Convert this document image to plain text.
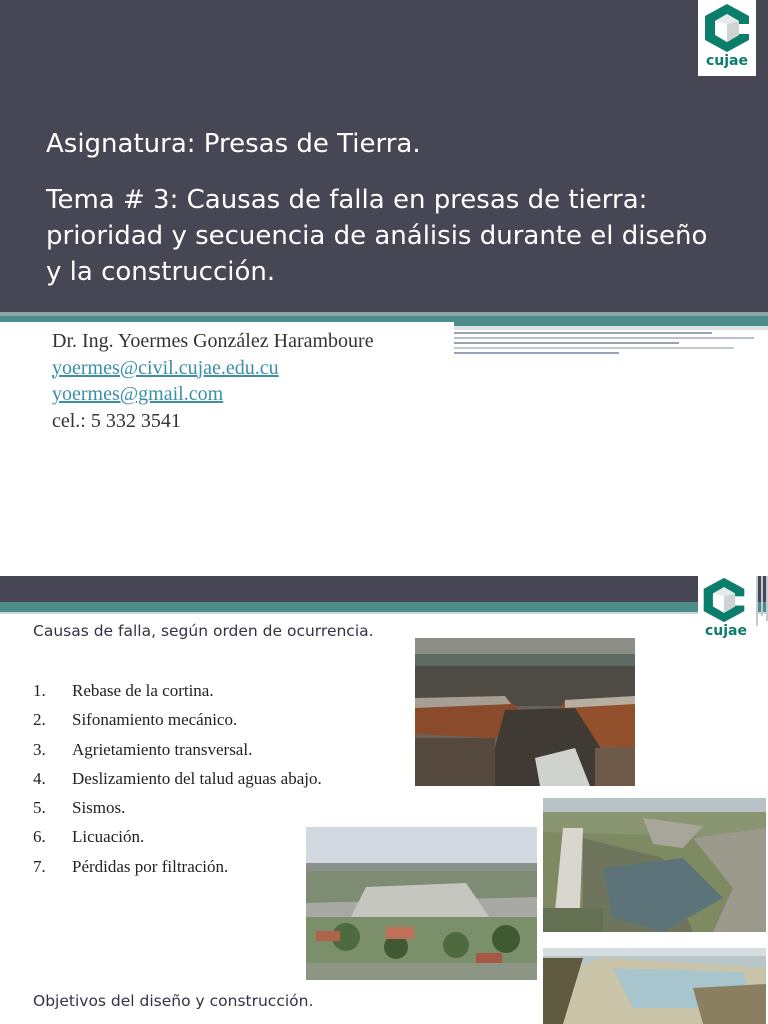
cujae

Asignatura: Presas de Tierra.

Tema # 3: Causas de falla en presas de tierra:

prioridad y secuencia de análisis durante el diseño

y la construcción.

Dr. Ing. Yoermes González Haramboure
yoermes@civil.cujae.edu.cu
yoermes@gmail.com
cel.: 5 332 3541
cujae
Causas de falla, según orden de ocurrencia.
1.	Rebase de la cortina.
2.	Sifonamiento mecánico.
3.	Agrietamiento transversal.
4.	Deslizamiento del talud aguas abajo.
5.	Sismos.
6.	Licuación.
7.	Pérdidas por filtración.
Objetivos del diseño y construcción.
